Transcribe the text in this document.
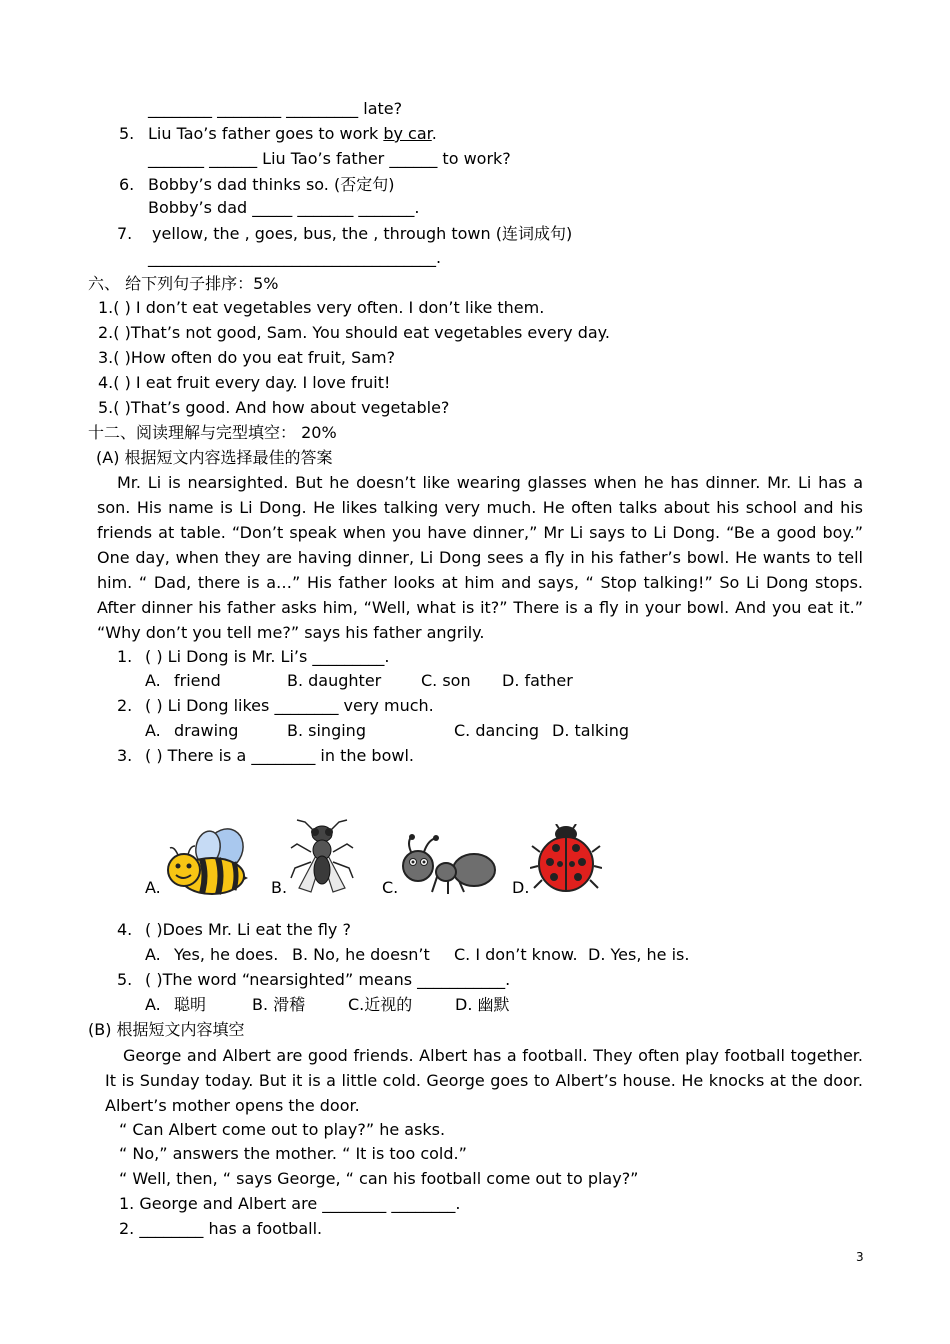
________ ________ _________ late?
5. Liu Tao’s father goes to work by car.
_______ ______ Liu Tao’s father ______ to work?
6. Bobby’s dad thinks so. (否定句)
Bobby’s dad _____ _______ _______.
7. yellow, the , goes, bus, the , through town (连词成句)
____________________________________.
六、 给下列句子排序：5%
1.( ) I don’t eat vegetables very often. I don’t like them.
2.( )That’s not good, Sam. You should eat vegetables every day.
3.( )How often do you eat fruit, Sam?
4.( ) I eat fruit every day. I love fruit!
5.( )That’s good. And how about vegetable?
十二、阅读理解与完型填空： 20%
(A) 根据短文内容选择最佳的答案
Mr. Li is nearsighted. But he doesn’t like wearing glasses when he has dinner. Mr. Li has a son. His name is Li Dong. He likes talking very much. He often talks about his school and his friends at table. “Don’t speak when you have dinner,” Mr Li says to Li Dong. “Be a good boy.” One day, when they are having dinner, Li Dong sees a fly in his father’s bowl. He wants to tell him. “ Dad, there is a…” His father looks at him and says, “ Stop talking!” So Li Dong stops. After dinner his father asks him, “Well, what is it?” There is a fly in your bowl. And you eat it.” “Why don’t you tell me?” says his father angrily.
1. ( ) Li Dong is Mr. Li’s _________.
A. friend	B. daughter C. son D. father
2. ( ) Li Dong likes ________ very much.
A. drawing	B. singing	C. dancing D. talking
3. ( ) There is a ________ in the bowl.
A.	B.	C.	D.
4. ( )Does Mr. Li eat the fly ?
A. Yes, he does. B. No, he doesn’t C. I don’t know. D. Yes, he is.
5. ( )The word “nearsighted” means ___________.
A. 聪明	B. 滑稽	C.近视的	D. 幽默
(B) 根据短文内容填空
George and Albert are good friends. Albert has a football. They often play football together. It is Sunday today. But it is a little cold. George goes to Albert’s house. He knocks at the door. Albert’s mother opens the door.
“ Can Albert come out to play?” he asks.
“ No,” answers the mother. “ It is too cold.”
“ Well, then, “ says George, “ can his football come out to play?”
1. George and Albert are ________ ________.
2. ________ has a football.
3
